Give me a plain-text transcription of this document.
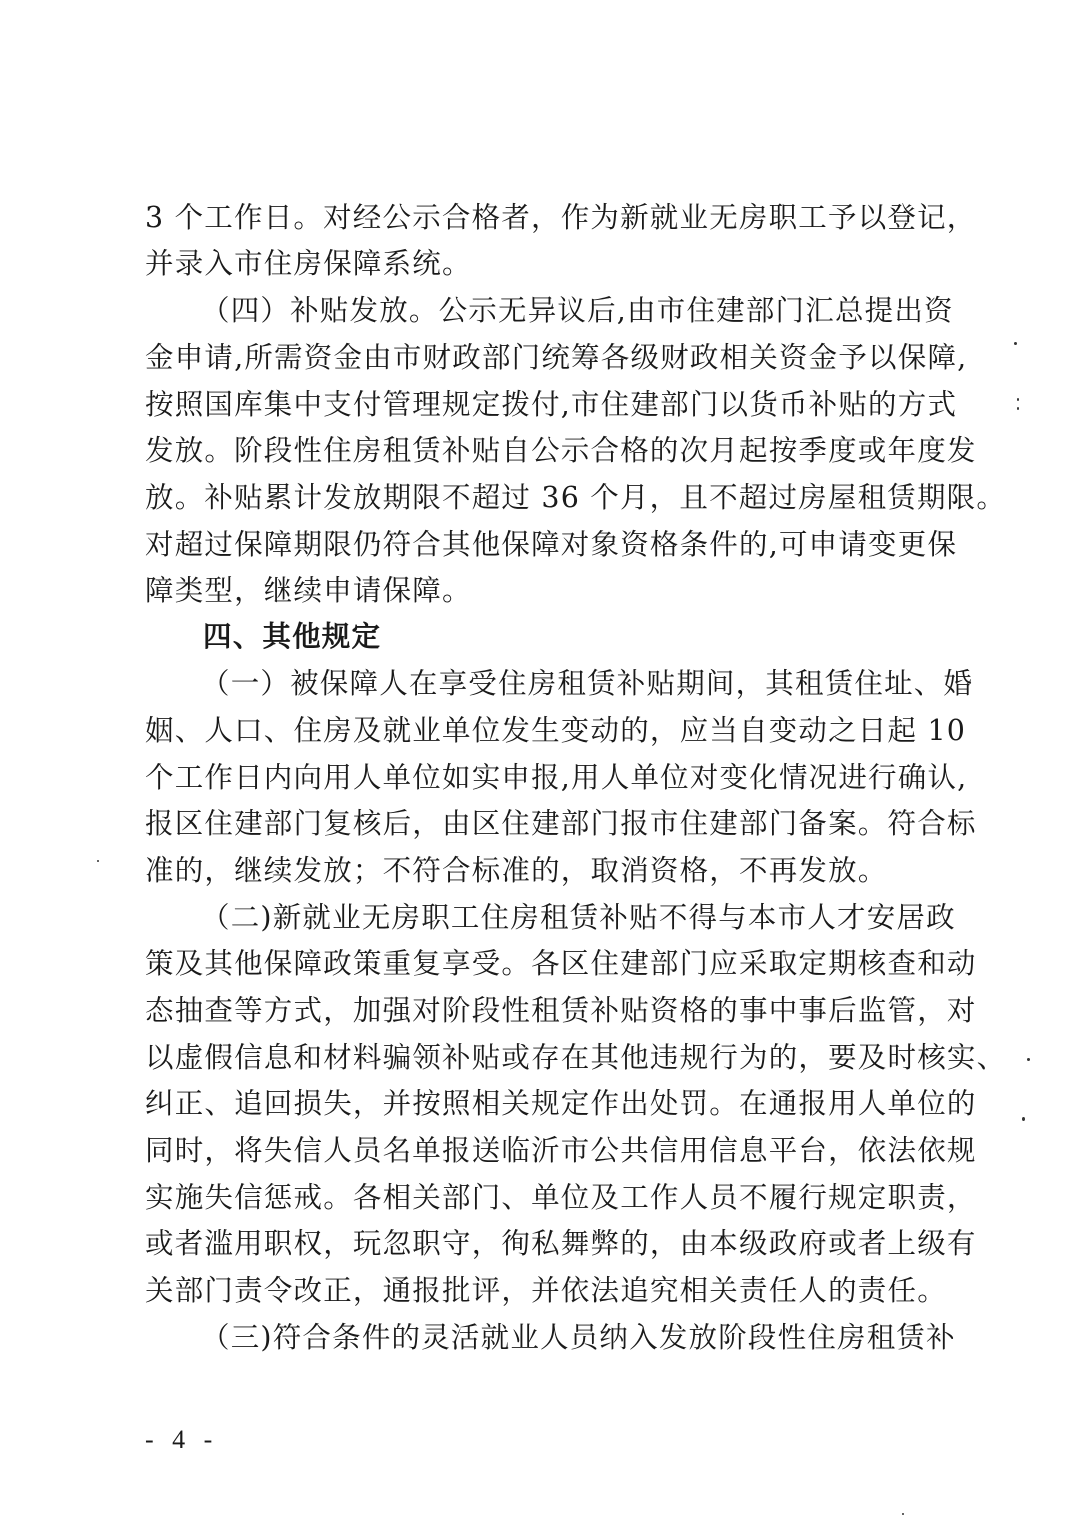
3 个工作日。对经公示合格者，作为新就业无房职工予以登记，
并录入市住房保障系统。
（四）补贴发放。公示无异议后,由市住建部门汇总提出资
金申请,所需资金由市财政部门统筹各级财政相关资金予以保障,
按照国库集中支付管理规定拨付,市住建部门以货币补贴的方式
发放。阶段性住房租赁补贴自公示合格的次月起按季度或年度发
放。补贴累计发放期限不超过 36 个月，且不超过房屋租赁期限。
对超过保障期限仍符合其他保障对象资格条件的,可申请变更保
障类型，继续申请保障。
四、其他规定
（一）被保障人在享受住房租赁补贴期间，其租赁住址、婚
姻、人口、住房及就业单位发生变动的，应当自变动之日起 10
个工作日内向用人单位如实申报,用人单位对变化情况进行确认,
报区住建部门复核后，由区住建部门报市住建部门备案。符合标
准的，继续发放；不符合标准的，取消资格，不再发放。
（二)新就业无房职工住房租赁补贴不得与本市人才安居政
策及其他保障政策重复享受。各区住建部门应采取定期核查和动
态抽查等方式，加强对阶段性租赁补贴资格的事中事后监管，对
以虚假信息和材料骗领补贴或存在其他违规行为的，要及时核实、
纠正、追回损失，并按照相关规定作出处罚。在通报用人单位的
同时，将失信人员名单报送临沂市公共信用信息平台，依法依规
实施失信惩戒。各相关部门、单位及工作人员不履行规定职责，
或者滥用职权，玩忽职守，徇私舞弊的，由本级政府或者上级有
关部门责令改正，通报批评，并依法追究相关责任人的责任。
（三)符合条件的灵活就业人员纳入发放阶段性住房租赁补
- 4 -
